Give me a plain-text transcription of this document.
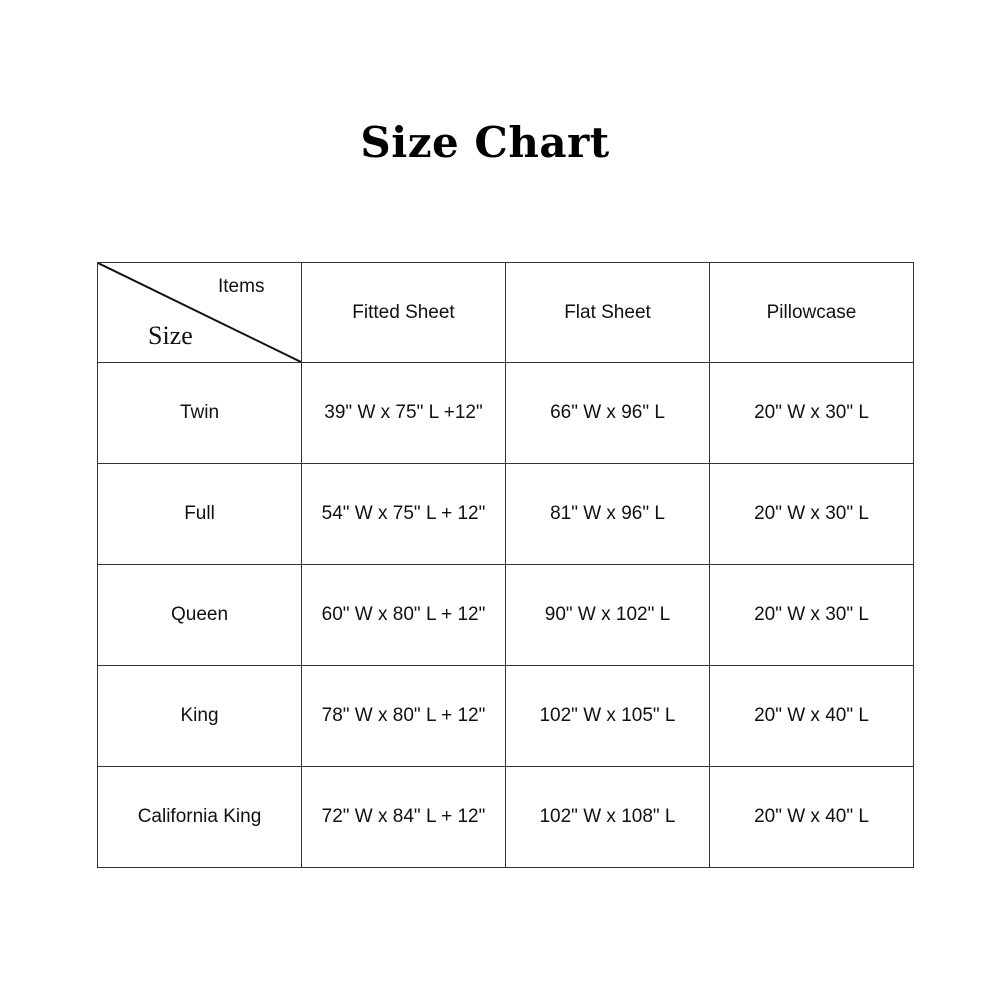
Size Chart
Items
Size	Fitted Sheet	Flat Sheet	Pillowcase
Twin	39" W x 75" L +12"	66" W x 96" L	20" W x 30" L
Full	54" W x 75" L + 12"	81" W x 96" L	20" W x 30" L
Queen	60" W x 80" L + 12"	90" W x 102" L	20" W x 30" L
King	78" W x 80" L + 12"	102" W x 105" L	20" W x 40" L
California King	72" W x 84" L + 12"	102" W x 108" L	20" W x 40" L
